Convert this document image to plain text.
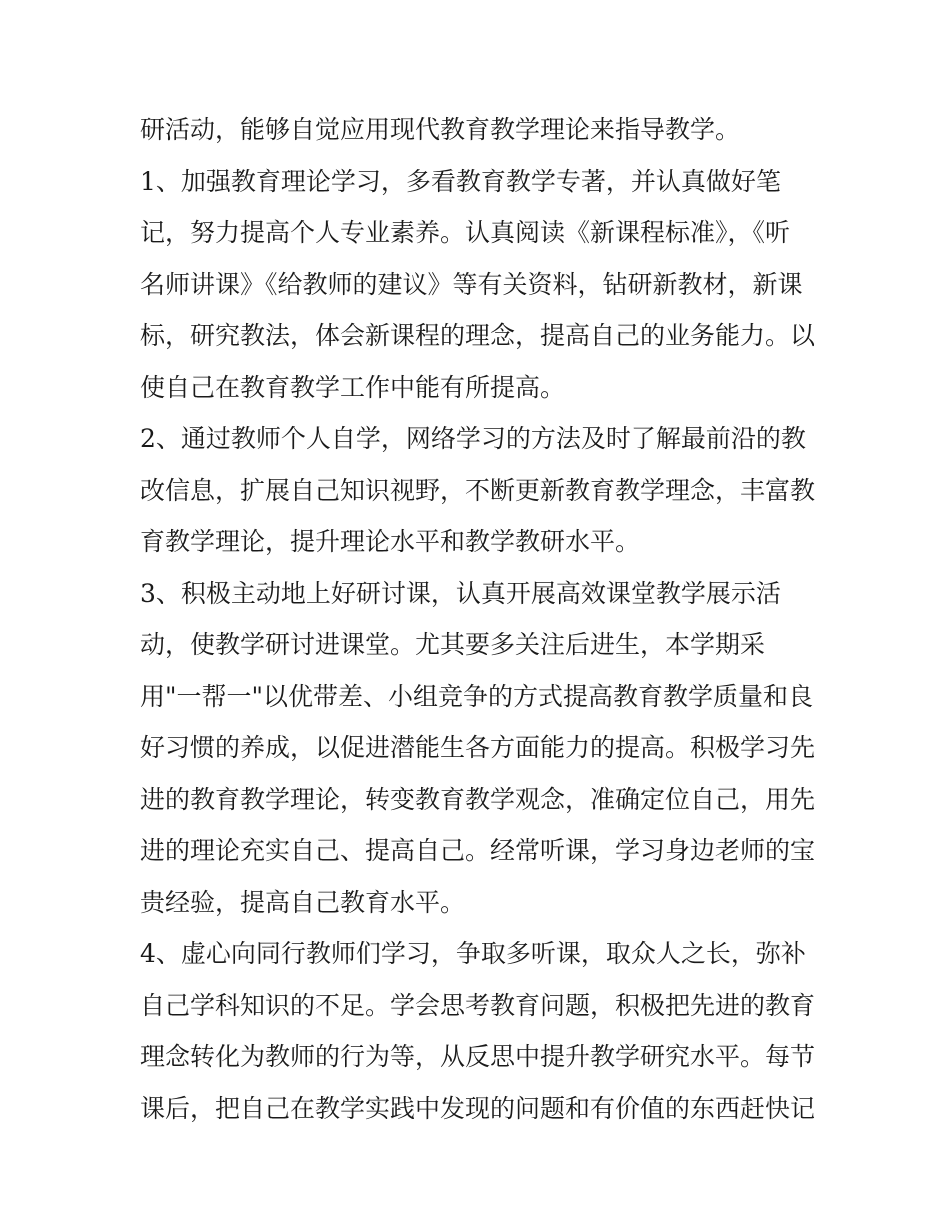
研活动，能够自觉应用现代教育教学理论来指导教学。
1、加强教育理论学习，多看教育教学专著，并认真做好笔
记，努力提高个人专业素养。认真阅读《新课程标准》，《听
名师讲课》《给教师的建议》等有关资料，钻研新教材，新课
标，研究教法，体会新课程的理念，提高自己的业务能力。以
使自己在教育教学工作中能有所提高。
2、通过教师个人自学，网络学习的方法及时了解最前沿的教
改信息，扩展自己知识视野，不断更新教育教学理念，丰富教
育教学理论，提升理论水平和教学教研水平。
3、积极主动地上好研讨课，认真开展高效课堂教学展示活
动，使教学研讨进课堂。尤其要多关注后进生，本学期采
用"一帮一"以优带差、小组竞争的方式提高教育教学质量和良
好习惯的养成，以促进潜能生各方面能力的提高。积极学习先
进的教育教学理论，转变教育教学观念，准确定位自己，用先
进的理论充实自己、提高自己。经常听课，学习身边老师的宝
贵经验，提高自己教育水平。
4、虚心向同行教师们学习，争取多听课，取众人之长，弥补
自己学科知识的不足。学会思考教育问题，积极把先进的教育
理念转化为教师的行为等，从反思中提升教学研究水平。每节
课后，把自己在教学实践中发现的问题和有价值的东西赶快记
